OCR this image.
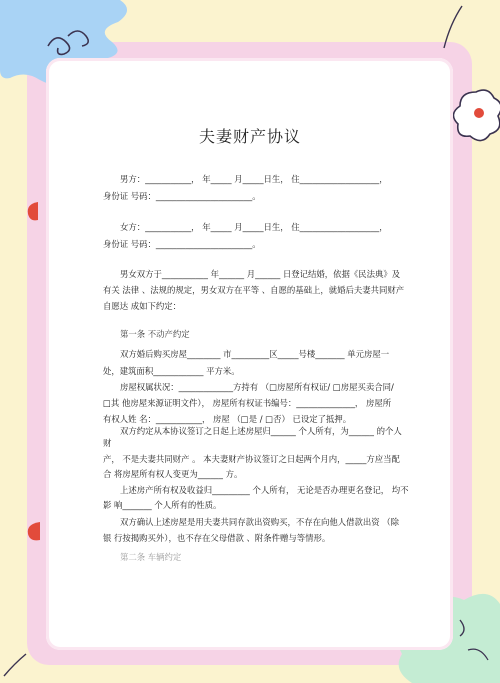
夫妻财产协议
男方：___________， 年_____ 月_____日生， 住___________________，
身份证 号码：_______________________。
女方：___________， 年_____ 月_____日生， 住___________________，
身份证 号码：_______________________。
男女双方于___________ 年______ 月______ 日登记结婚，依据《民法典》及
有关 法律 、法规的规定，男女双方在平等 、自愿的基础上，就婚后夫妻共同财产
自愿达 成如下约定：
第一条 不动产约定
双方婚后购买房屋________ 市_________区_____号楼_______ 单元房屋一
处，建筑面积____________ 平方米。
房屋权属状况：_____________方持有 （□房屋所有权证/ □房屋买卖合同/
□其 他房屋来源证明文件）， 房屋所有权证书编号：______________， 房屋所
有权人姓 名：___________， 房屋 （□是 / □否） 已设定了抵押。
双方约定从本协议签订之日起上述房屋归______ 个人所有，为______ 的个人
财
产， 不是夫妻共同财产 。 本夫妻财产协议签订之日起两个月内，_____方应当配
合 将房屋所有权人变更为______ 方。
上述房产所有权及收益归_________ 个人所有， 无论是否办理更名登记， 均不
影 响_______ 个人所有的性质。
双方确认上述房屋是用夫妻共同存款出资购买，不存在向他人借款出资 （除
银 行按揭购买外），也不存在父母借款 、附条件赠与等情形。
第二条 车辆约定
